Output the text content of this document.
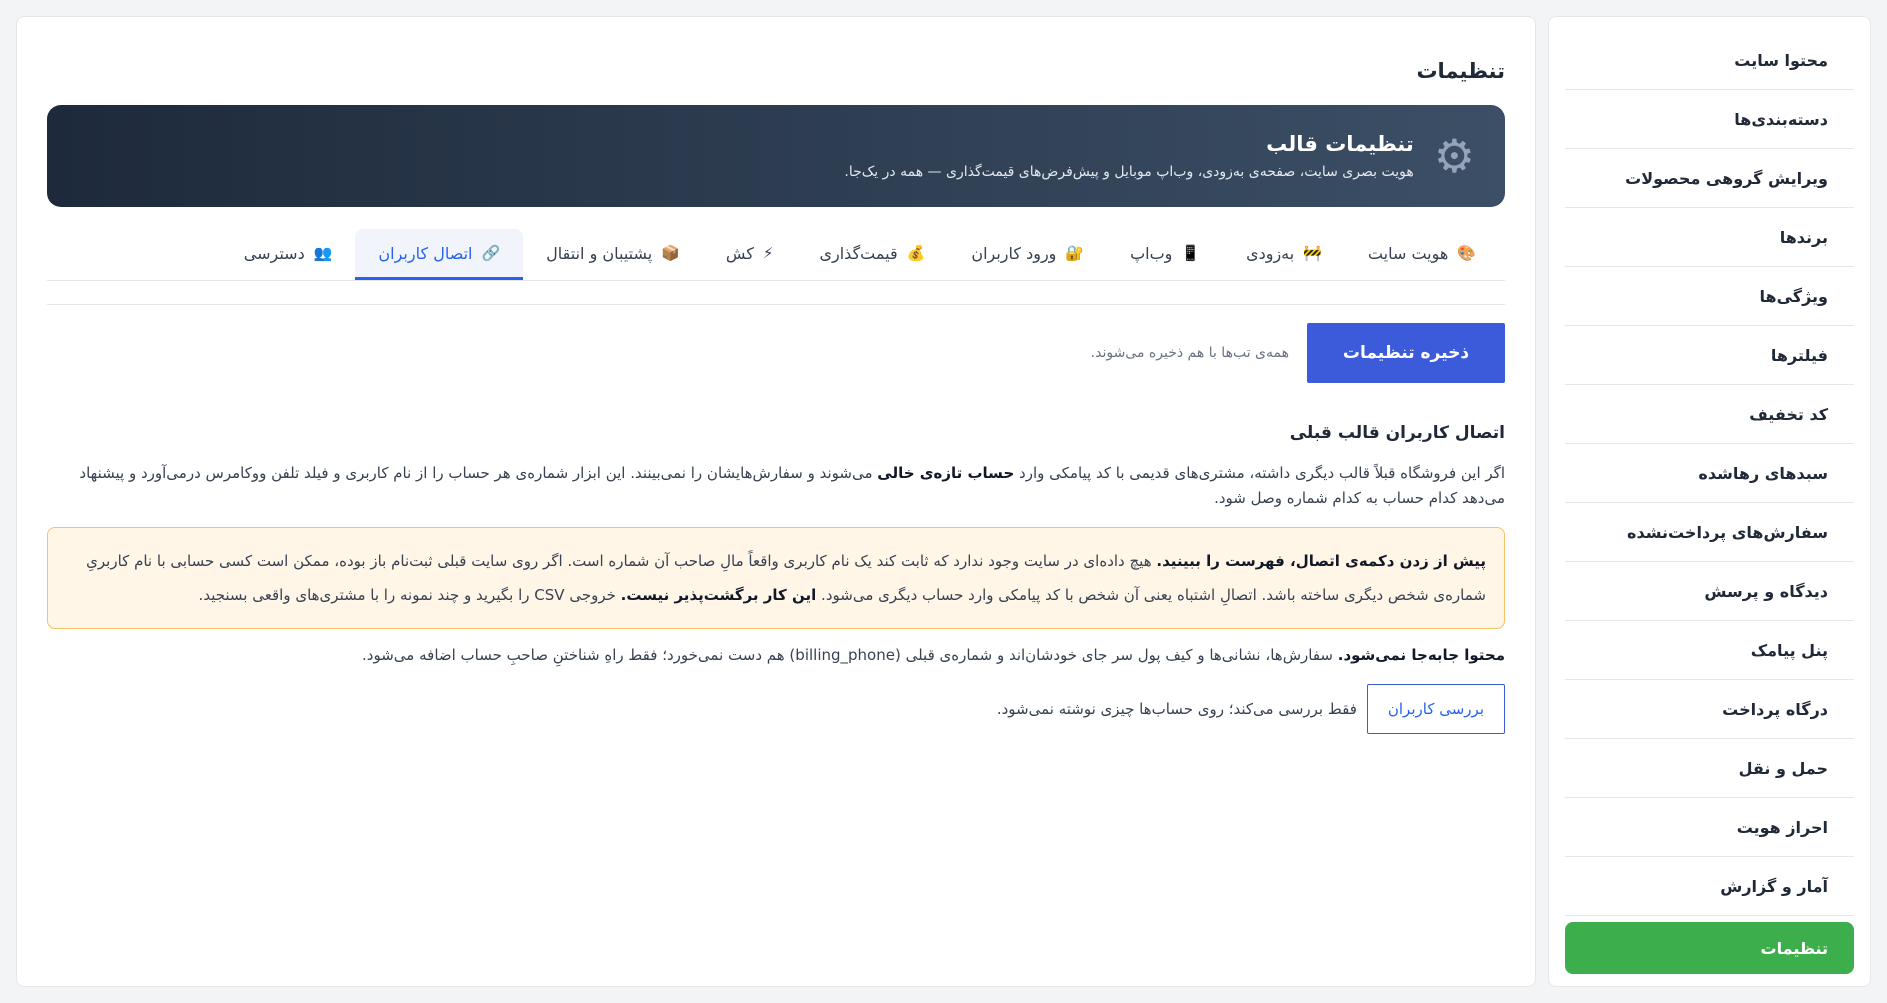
محتوا سایت
دسته‌بندی‌ها
ویرایش گروهی محصولات
برندها
ویژگی‌ها
فیلترها
کد تخفیف
سبدهای رهاشده
سفارش‌های پرداخت‌نشده
دیدگاه و پرسش
پنل پیامک
درگاه پرداخت
حمل و نقل
احراز هویت
آمار و گزارش
تنظیمات
تنظیمات
⚙
تنظیمات قالب
هویت بصری سایت، صفحه‌ی به‌زودی، وب‌اپ موبایل و پیش‌فرض‌های قیمت‌گذاری — همه در یک‌جا.
🎨
هویت سایت
🚧
به‌زودی
📱
وب‌اپ
🔐
ورود کاربران
💰
قیمت‌گذاری
⚡
کش
📦
پشتیبان و انتقال
🔗
اتصال کاربران
👥
دسترسی
ذخیره تنظیمات
همه‌ی تب‌ها با هم ذخیره می‌شوند.
اتصال کاربران قالب قبلی

اگر این فروشگاه قبلاً قالب دیگری داشته، مشتری‌های قدیمی با کد پیامکی وارد حساب تازه‌ی خالی می‌شوند و سفارش‌هایشان را نمی‌بینند. این ابزار شماره‌ی هر حساب را از نام کاربری و فیلد تلفن ووکامرس درمی‌آورد و پیشنهاد می‌دهد کدام حساب به کدام شماره وصل شود.

پیش از زدن دکمه‌ی اتصال، فهرست را ببینید. هیچ داده‌ای در سایت وجود ندارد که ثابت کند یک نام کاربری واقعاً مالِ صاحب آن شماره است. اگر روی سایت قبلی ثبت‌نام باز بوده، ممکن است کسی حسابی با نام کاربریِ شماره‌ی شخص دیگری ساخته باشد. اتصالِ اشتباه یعنی آن شخص با کد پیامکی وارد حساب دیگری می‌شود. این کار برگشت‌پذیر نیست. خروجی CSV را بگیرید و چند نمونه را با مشتری‌های واقعی بسنجید.

محتوا جابه‌جا نمی‌شود. سفارش‌ها، نشانی‌ها و کیف پول سر جای خودشان‌اند و شماره‌ی قبلی (billing_phone) هم دست نمی‌خورد؛ فقط راهِ شناختنِ صاحبِ حساب اضافه می‌شود.

بررسی کاربران
فقط بررسی می‌کند؛ روی حساب‌ها چیزی نوشته نمی‌شود.
